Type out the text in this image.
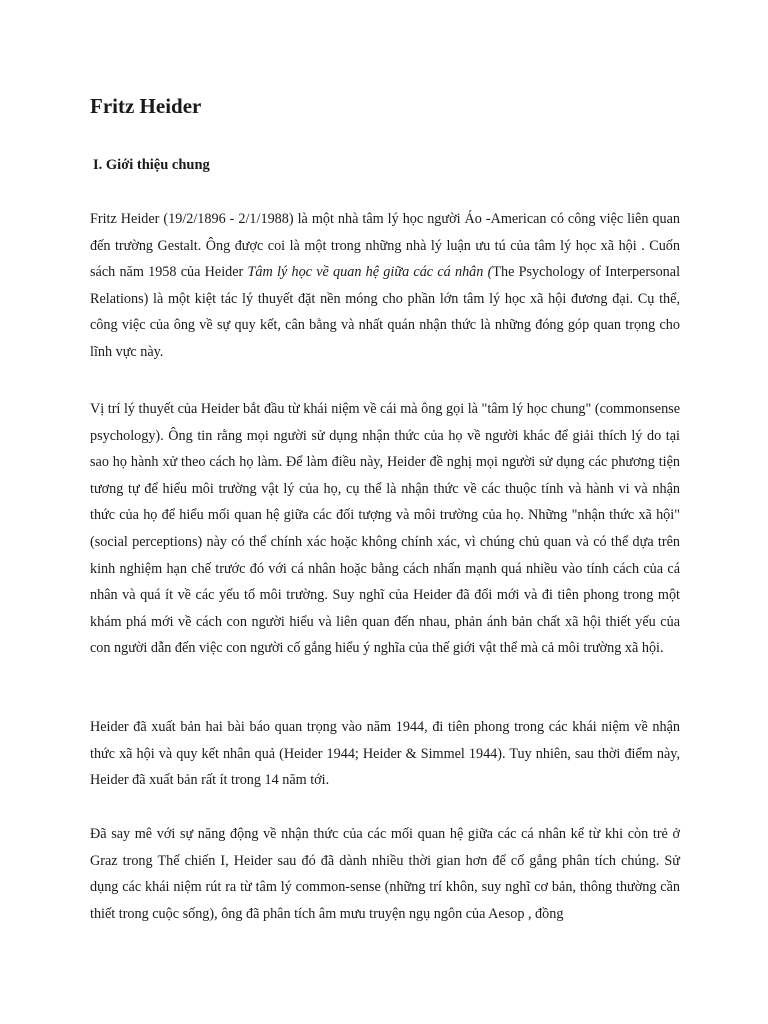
Fritz Heider
I. Giới thiệu chung

Fritz Heider (19/2/1896 - 2/1/1988) là một nhà tâm lý học người Áo -American có công việc liên quan đến trường Gestalt. Ông được coi là một trong những nhà lý luận ưu tú của tâm lý học xã hội . Cuốn sách năm 1958 của Heider Tâm lý học về quan hệ giữa các cá nhân (The Psychology of Interpersonal Relations) là một kiệt tác lý thuyết đặt nền móng cho phần lớn tâm lý học xã hội đương đại. Cụ thể, công việc của ông về sự quy kết, cân bằng và nhất quán nhận thức là những đóng góp quan trọng cho lĩnh vực này.

Vị trí lý thuyết của Heider bắt đầu từ khái niệm về cái mà ông gọi là "tâm lý học chung" (commonsense psychology). Ông tin rằng mọi người sử dụng nhận thức của họ về người khác để giải thích lý do tại sao họ hành xử theo cách họ làm. Để làm điều này, Heider đề nghị mọi người sử dụng các phương tiện tương tự để hiểu môi trường vật lý của họ, cụ thể là nhận thức về các thuộc tính và hành vi và nhận thức của họ để hiểu mối quan hệ giữa các đối tượng và môi trường của họ. Những "nhận thức xã hội" (social perceptions) này có thể chính xác hoặc không chính xác, vì chúng chủ quan và có thể dựa trên kinh nghiệm hạn chế trước đó với cá nhân hoặc bằng cách nhấn mạnh quá nhiều vào tính cách của cá nhân và quá ít về các yếu tố môi trường. Suy nghĩ của Heider đã đổi mới và đi tiên phong trong một khám phá mới về cách con người hiểu và liên quan đến nhau, phản ánh bản chất xã hội thiết yếu của con người dẫn đến việc con người cố gắng hiểu ý nghĩa của thế giới vật thể mà cả môi trường xã hội.

Heider đã xuất bản hai bài báo quan trọng vào năm 1944, đi tiên phong trong các khái niệm về nhận thức xã hội và quy kết nhân quả (Heider 1944; Heider & Simmel 1944). Tuy nhiên, sau thời điểm này, Heider đã xuất bản rất ít trong 14 năm tới.

Đã say mê với sự năng động về nhận thức của các mối quan hệ giữa các cá nhân kể từ khi còn trẻ ở Graz trong Thế chiến I, Heider sau đó đã dành nhiều thời gian hơn để cố gắng phân tích chúng. Sử dụng các khái niệm rút ra từ tâm lý common-sense (những trí khôn, suy nghĩ cơ bản, thông thường cần thiết trong cuộc sống), ông đã phân tích âm mưu truyện ngụ ngôn của Aesop , đồng
